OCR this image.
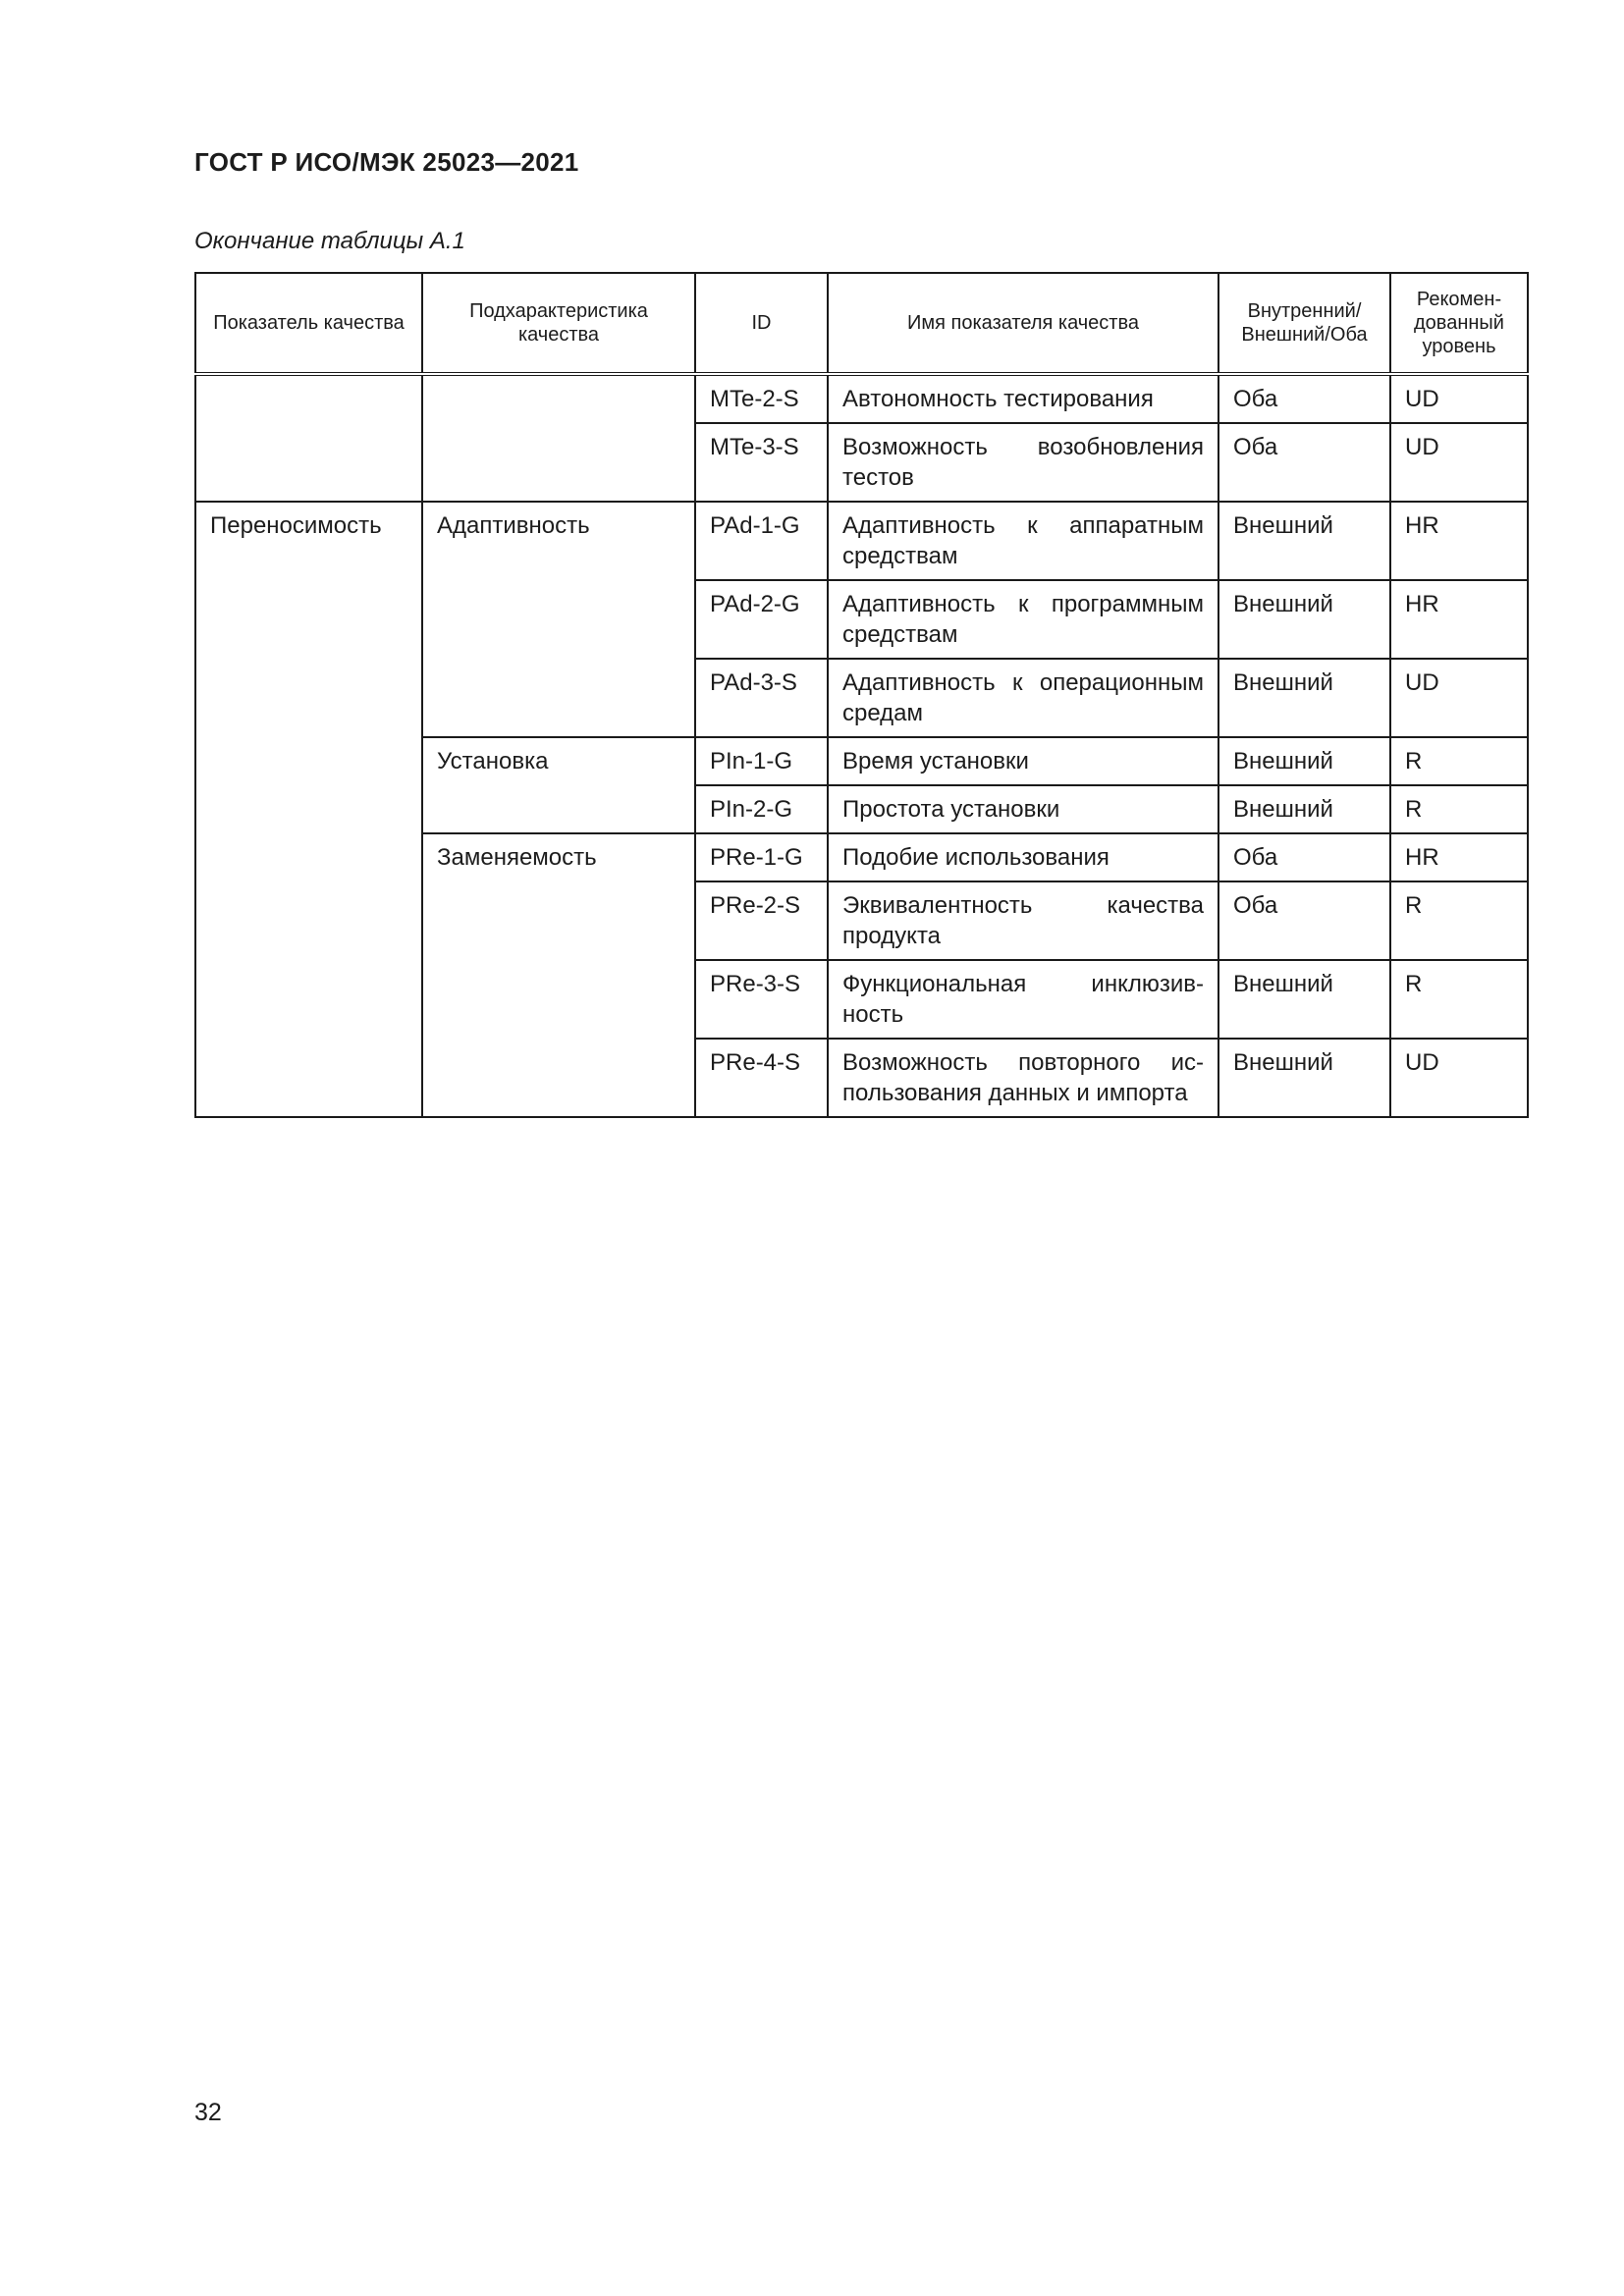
ГОСТ Р ИСО/МЭК 25023—2021
Окончание таблицы А.1
Показатель качества	Подхарактеристика качества	ID	Имя показателя качества	Внутренний/ Внешний/Оба	Рекомен- дованный уровень
		MTe-2-S	Автономность тестирования	Оба	UD
		MTe-3-S	Возможность возобновления тестов	Оба	UD
Переносимость	Адаптивность	PAd-1-G	Адаптивность к аппаратным средствам	Внешний	HR
		PAd-2-G	Адаптивность к программным средствам	Внешний	HR
		PAd-3-S	Адаптивность к операционным средам	Внешний	UD
	Установка	PIn-1-G	Время установки	Внешний	R
		PIn-2-G	Простота установки	Внешний	R
	Заменяемость	PRe-1-G	Подобие использования	Оба	HR
		PRe-2-S	Эквивалентность качества продукта	Оба	R
		PRe-3-S	Функциональная инклюзив- ность	Внешний	R
		PRe-4-S	Возможность повторного ис- пользования данных и импорта	Внешний	UD
32
